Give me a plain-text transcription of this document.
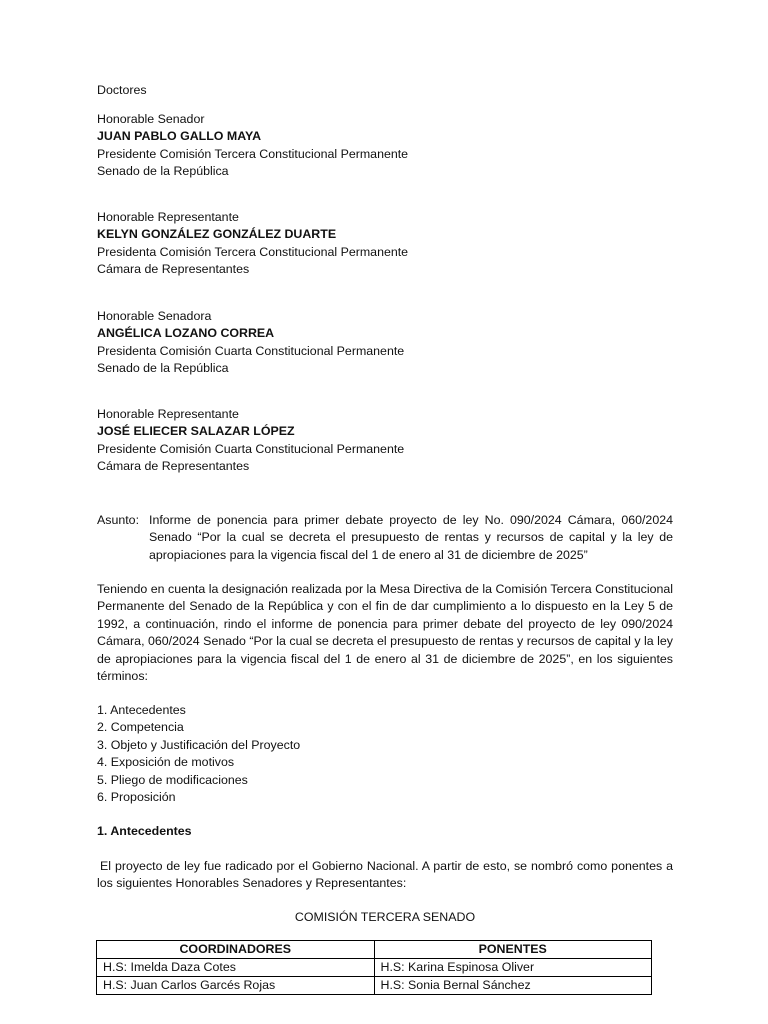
Doctores
Honorable Senador
JUAN PABLO GALLO MAYA
Presidente Comisión Tercera Constitucional Permanente
Senado de la República
Honorable Representante
KELYN GONZÁLEZ GONZÁLEZ DUARTE
Presidenta Comisión Tercera Constitucional Permanente
Cámara de Representantes
Honorable Senadora
ANGÉLICA LOZANO CORREA
Presidenta Comisión Cuarta Constitucional Permanente
Senado de la República
Honorable Representante
JOSÉ ELIECER SALAZAR LÓPEZ
Presidente Comisión Cuarta Constitucional Permanente
Cámara de Representantes
Asunto: Informe de ponencia para primer debate proyecto de ley No. 090/2024 Cámara, 060/2024 Senado “Por la cual se decreta el presupuesto de rentas y recursos de capital y la ley de apropiaciones para la vigencia fiscal del 1 de enero al 31 de diciembre de 2025”
Teniendo en cuenta la designación realizada por la Mesa Directiva de la Comisión Tercera Constitucional Permanente del Senado de la República y con el fin de dar cumplimiento a lo dispuesto en la Ley 5 de 1992, a continuación, rindo el informe de ponencia para primer debate del proyecto de ley 090/2024 Cámara, 060/2024 Senado “Por la cual se decreta el presupuesto de rentas y recursos de capital y la ley de apropiaciones para la vigencia fiscal del 1 de enero al 31 de diciembre de 2025”, en los siguientes términos:
1. Antecedentes
2. Competencia
3. Objeto y Justificación del Proyecto
4. Exposición de motivos
5. Pliego de modificaciones
6. Proposición
1. Antecedentes
El proyecto de ley fue radicado por el Gobierno Nacional. A partir de esto, se nombró como ponentes a los siguientes Honorables Senadores y Representantes:
COMISIÓN TERCERA SENADO
COORDINADORES	PONENTES
H.S: Imelda Daza Cotes	H.S: Karina Espinosa Oliver
H.S: Juan Carlos Garcés Rojas	H.S: Sonia Bernal Sánchez
